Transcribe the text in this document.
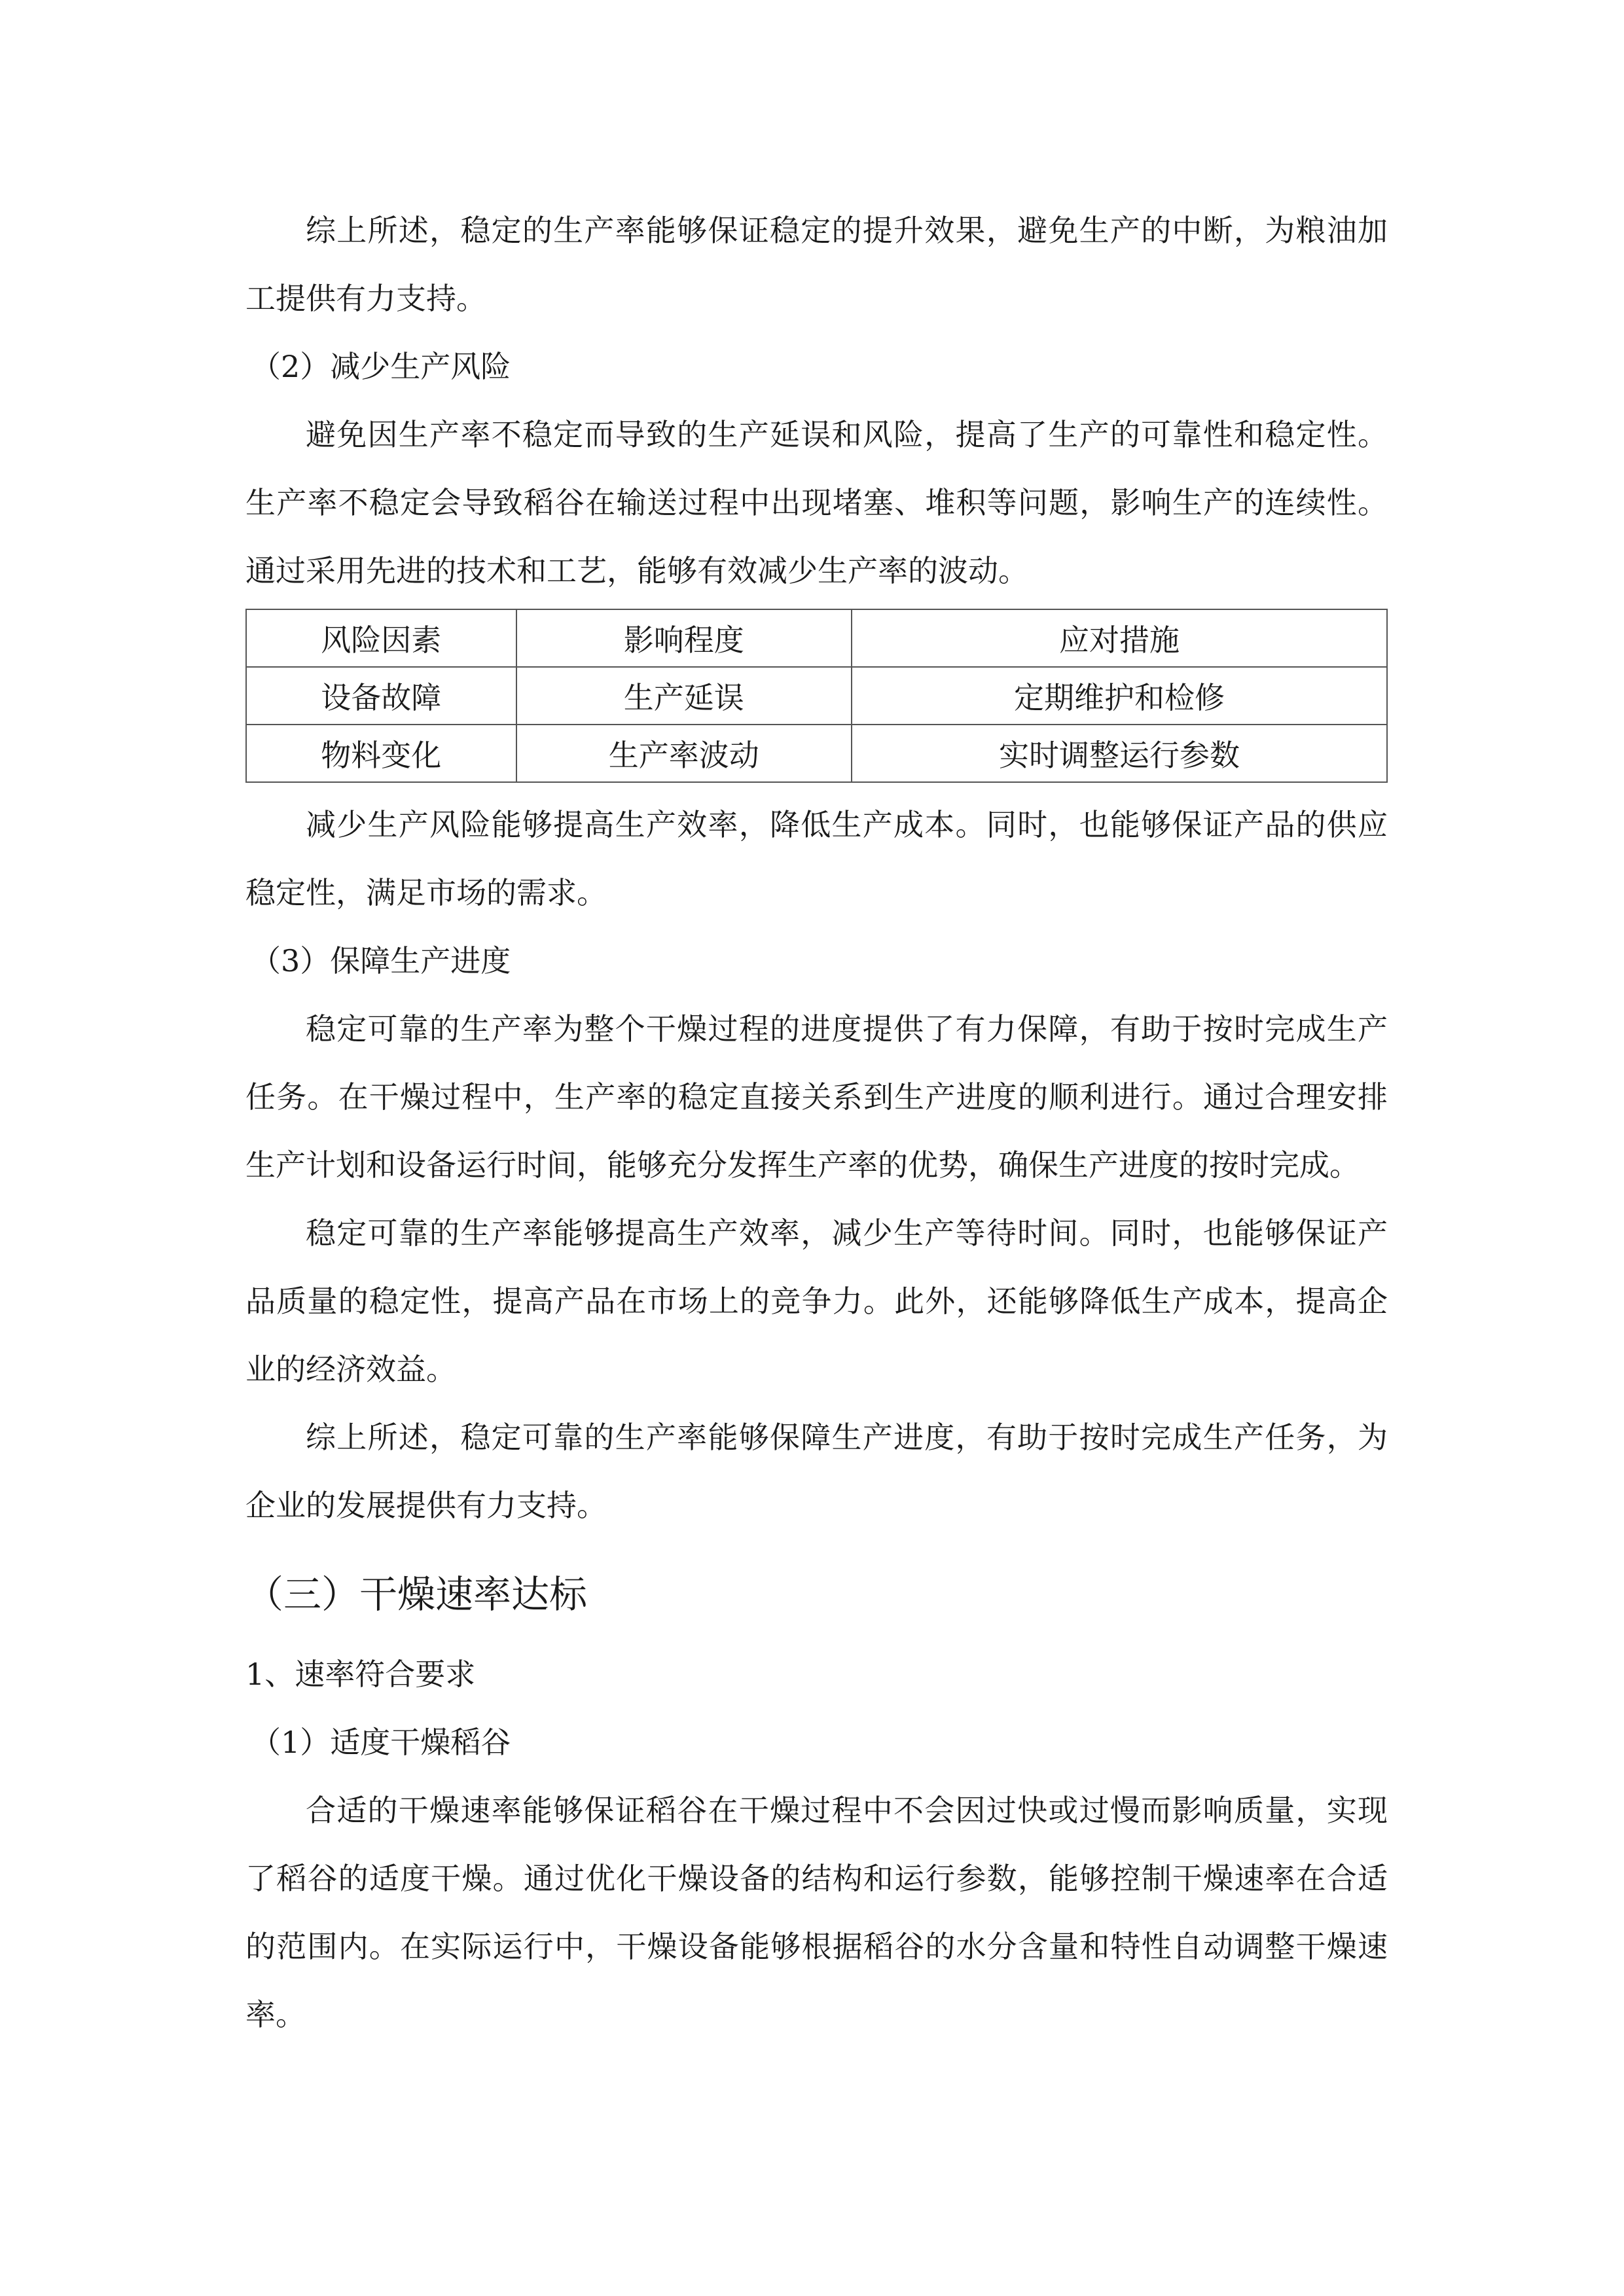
综上所述，稳定的生产率能够保证稳定的提升效果，避免生产的中断，为粮油加工提供有力支持。

（2）减少生产风险

避免因生产率不稳定而导致的生产延误和风险，提高了生产的可靠性和稳定性。生产率不稳定会导致稻谷在输送过程中出现堵塞、堆积等问题，影响生产的连续性。通过采用先进的技术和工艺，能够有效减少生产率的波动。

风险因素	影响程度	应对措施
设备故障	生产延误	定期维护和检修
物料变化	生产率波动	实时调整运行参数

减少生产风险能够提高生产效率，降低生产成本。同时，也能够保证产品的供应稳定性，满足市场的需求。

（3）保障生产进度

稳定可靠的生产率为整个干燥过程的进度提供了有力保障，有助于按时完成生产任务。在干燥过程中，生产率的稳定直接关系到生产进度的顺利进行。通过合理安排生产计划和设备运行时间，能够充分发挥生产率的优势，确保生产进度的按时完成。

稳定可靠的生产率能够提高生产效率，减少生产等待时间。同时，也能够保证产品质量的稳定性，提高产品在市场上的竞争力。此外，还能够降低生产成本，提高企业的经济效益。

综上所述，稳定可靠的生产率能够保障生产进度，有助于按时完成生产任务，为企业的发展提供有力支持。

（三）干燥速率达标

1、速率符合要求

（1）适度干燥稻谷

合适的干燥速率能够保证稻谷在干燥过程中不会因过快或过慢而影响质量，实现了稻谷的适度干燥。通过优化干燥设备的结构和运行参数，能够控制干燥速率在合适的范围内。在实际运行中，干燥设备能够根据稻谷的水分含量和特性自动调整干燥速率。
